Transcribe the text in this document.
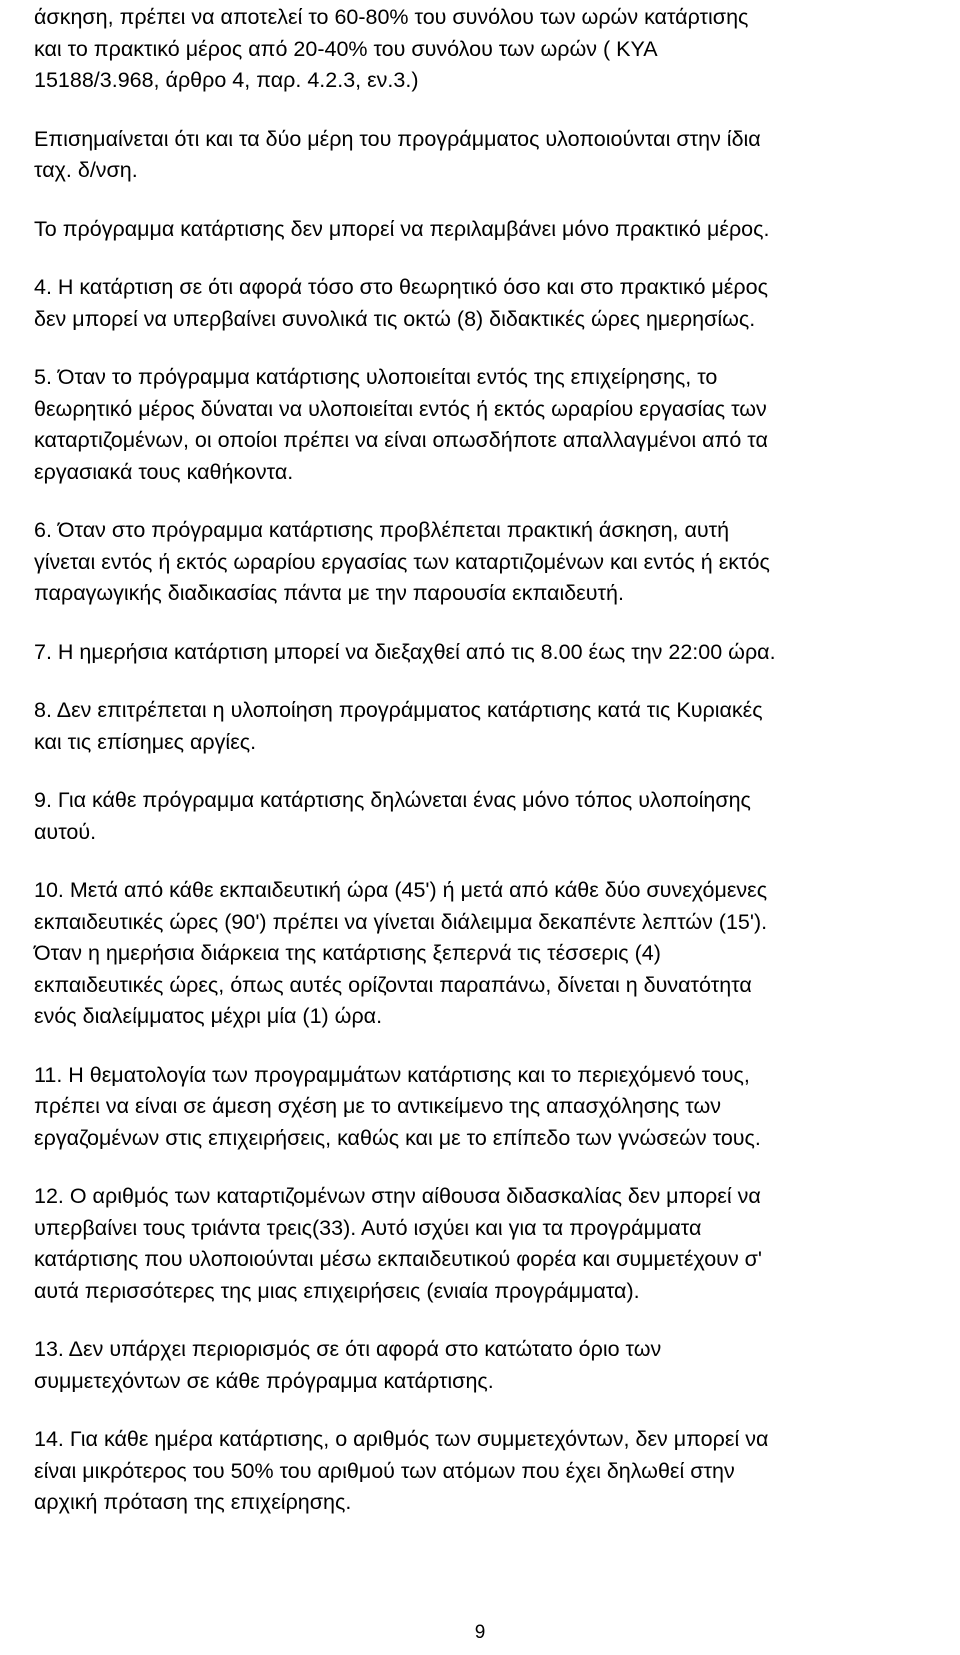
άσκηση, πρέπει να αποτελεί το 60-80% του συνόλου των ωρών κατάρτισης
και το πρακτικό μέρος από 20-40% του συνόλου των ωρών ( ΚΥΑ
15188/3.968, άρθρο 4, παρ. 4.2.3, εν.3.)

Επισημαίνεται ότι και τα δύο μέρη του προγράμματος υλοποιούνται στην ίδια
ταχ. δ/νση.

Το πρόγραμμα κατάρτισης δεν μπορεί να περιλαμβάνει μόνο πρακτικό μέρος.

4. Η κατάρτιση σε ότι αφορά τόσο στο θεωρητικό όσο και στο πρακτικό μέρος
δεν μπορεί να υπερβαίνει συνολικά τις οκτώ (8) διδακτικές ώρες ημερησίως.

5. Όταν το πρόγραμμα κατάρτισης υλοποιείται εντός της επιχείρησης, το
θεωρητικό μέρος δύναται να υλοποιείται εντός ή εκτός ωραρίου εργασίας των
καταρτιζομένων, οι οποίοι πρέπει να είναι οπωσδήποτε απαλλαγμένοι από τα
εργασιακά τους καθήκοντα.

6. Όταν στο πρόγραμμα κατάρτισης προβλέπεται πρακτική άσκηση, αυτή
γίνεται εντός ή εκτός ωραρίου εργασίας των καταρτιζομένων και εντός ή εκτός
παραγωγικής διαδικασίας πάντα με την παρουσία εκπαιδευτή.

7. Η ημερήσια κατάρτιση μπορεί να διεξαχθεί από τις 8.00 έως την 22:00 ώρα.

8. Δεν επιτρέπεται η υλοποίηση προγράμματος κατάρτισης κατά τις Κυριακές
και τις επίσημες αργίες.

9. Για κάθε πρόγραμμα κατάρτισης δηλώνεται ένας μόνο τόπος υλοποίησης
αυτού.

10. Μετά από κάθε εκπαιδευτική ώρα (45') ή μετά από κάθε δύο συνεχόμενες
εκπαιδευτικές ώρες (90') πρέπει να γίνεται διάλειμμα δεκαπέντε λεπτών (15').
Όταν η ημερήσια διάρκεια της κατάρτισης ξεπερνά τις τέσσερις (4)
εκπαιδευτικές ώρες, όπως αυτές ορίζονται παραπάνω, δίνεται η δυνατότητα
ενός διαλείμματος μέχρι μία (1) ώρα.

11. Η θεματολογία των προγραμμάτων κατάρτισης και το περιεχόμενό τους,
πρέπει να είναι σε άμεση σχέση με το αντικείμενο της απασχόλησης των
εργαζομένων στις επιχειρήσεις, καθώς και με το επίπεδο των γνώσεών τους.

12. Ο αριθμός των καταρτιζομένων στην αίθουσα διδασκαλίας δεν μπορεί να
υπερβαίνει τους τριάντα τρεις(33). Αυτό ισχύει και για τα προγράμματα
κατάρτισης που υλοποιούνται μέσω εκπαιδευτικού φορέα και συμμετέχουν σ'
αυτά περισσότερες της μιας επιχειρήσεις (ενιαία προγράμματα).

13. Δεν υπάρχει περιορισμός σε ότι αφορά στο κατώτατο όριο των
συμμετεχόντων σε κάθε πρόγραμμα κατάρτισης.

14. Για κάθε ημέρα κατάρτισης, ο αριθμός των συμμετεχόντων, δεν μπορεί να
είναι μικρότερος του 50% του αριθμού των ατόμων που έχει δηλωθεί στην
αρχική πρόταση της επιχείρησης.

9
